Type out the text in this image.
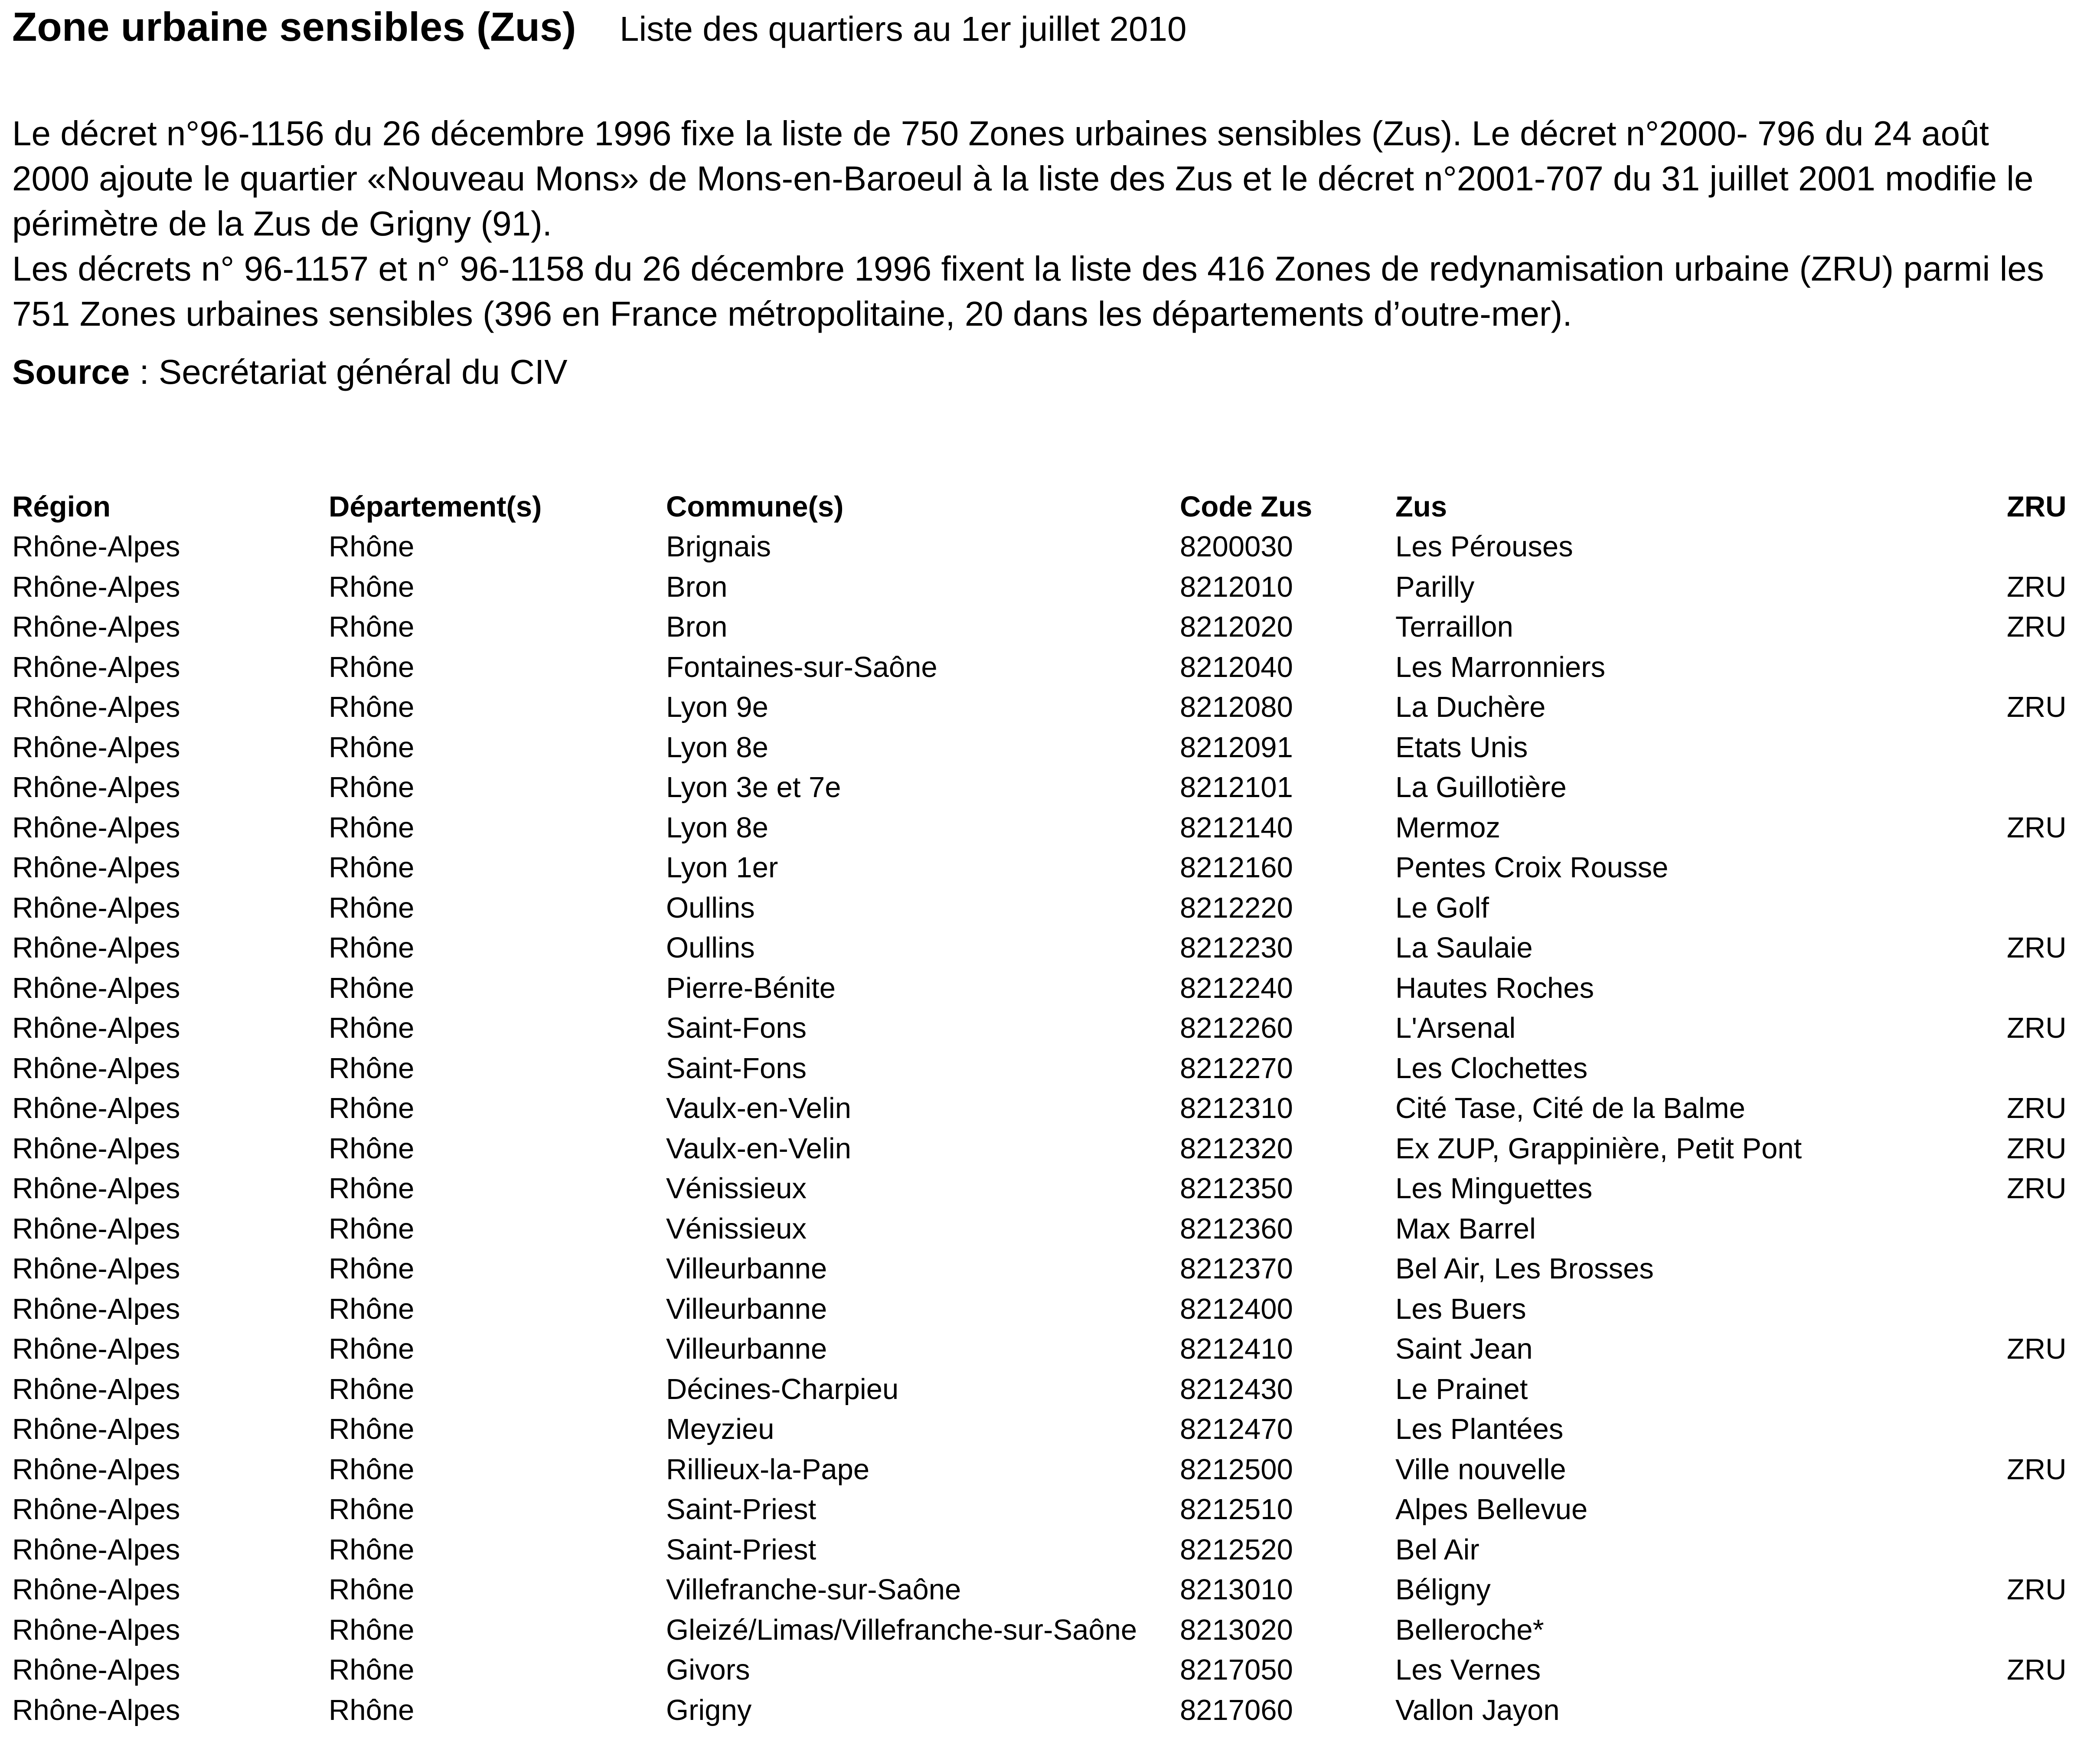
Zone urbaine sensibles (Zus) Liste des quartiers au 1er juillet 2010

Le décret n°96-1156 du 26 décembre 1996 fixe la liste de 750 Zones urbaines sensibles (Zus). Le décret n°2000- 796 du 24 août 2000 ajoute le quartier «Nouveau Mons» de Mons-en-Baroeul à la liste des Zus et le décret n°2001-707 du 31 juillet 2001 modifie le périmètre de la Zus de Grigny (91).

Les décrets n° 96-1157 et n° 96-1158 du 26 décembre 1996 fixent la liste des 416 Zones de redynamisation urbaine (ZRU) parmi les 751 Zones urbaines sensibles (396 en France métropolitaine, 20 dans les départements d’outre-mer).

Source : Secrétariat général du CIV
Région	Département(s)	Commune(s)	Code Zus	Zus	ZRU
Rhône-Alpes	Rhône	Brignais	8200030	Les Pérouses	
Rhône-Alpes	Rhône	Bron	8212010	Parilly	ZRU
Rhône-Alpes	Rhône	Bron	8212020	Terraillon	ZRU
Rhône-Alpes	Rhône	Fontaines-sur-Saône	8212040	Les Marronniers	
Rhône-Alpes	Rhône	Lyon 9e	8212080	La Duchère	ZRU
Rhône-Alpes	Rhône	Lyon 8e	8212091	Etats Unis	
Rhône-Alpes	Rhône	Lyon 3e et 7e	8212101	La Guillotière	
Rhône-Alpes	Rhône	Lyon 8e	8212140	Mermoz	ZRU
Rhône-Alpes	Rhône	Lyon 1er	8212160	Pentes Croix Rousse	
Rhône-Alpes	Rhône	Oullins	8212220	Le Golf	
Rhône-Alpes	Rhône	Oullins	8212230	La Saulaie	ZRU
Rhône-Alpes	Rhône	Pierre-Bénite	8212240	Hautes Roches	
Rhône-Alpes	Rhône	Saint-Fons	8212260	L'Arsenal	ZRU
Rhône-Alpes	Rhône	Saint-Fons	8212270	Les Clochettes	
Rhône-Alpes	Rhône	Vaulx-en-Velin	8212310	Cité Tase, Cité de la Balme	ZRU
Rhône-Alpes	Rhône	Vaulx-en-Velin	8212320	Ex ZUP, Grappinière, Petit Pont	ZRU
Rhône-Alpes	Rhône	Vénissieux	8212350	Les Minguettes	ZRU
Rhône-Alpes	Rhône	Vénissieux	8212360	Max Barrel	
Rhône-Alpes	Rhône	Villeurbanne	8212370	Bel Air, Les Brosses	
Rhône-Alpes	Rhône	Villeurbanne	8212400	Les Buers	
Rhône-Alpes	Rhône	Villeurbanne	8212410	Saint Jean	ZRU
Rhône-Alpes	Rhône	Décines-Charpieu	8212430	Le Prainet	
Rhône-Alpes	Rhône	Meyzieu	8212470	Les Plantées	
Rhône-Alpes	Rhône	Rillieux-la-Pape	8212500	Ville nouvelle	ZRU
Rhône-Alpes	Rhône	Saint-Priest	8212510	Alpes Bellevue	
Rhône-Alpes	Rhône	Saint-Priest	8212520	Bel Air	
Rhône-Alpes	Rhône	Villefranche-sur-Saône	8213010	Béligny	ZRU
Rhône-Alpes	Rhône	Gleizé/Limas/Villefranche-sur-Saône	8213020	Belleroche*	
Rhône-Alpes	Rhône	Givors	8217050	Les Vernes	ZRU
Rhône-Alpes	Rhône	Grigny	8217060	Vallon Jayon	
